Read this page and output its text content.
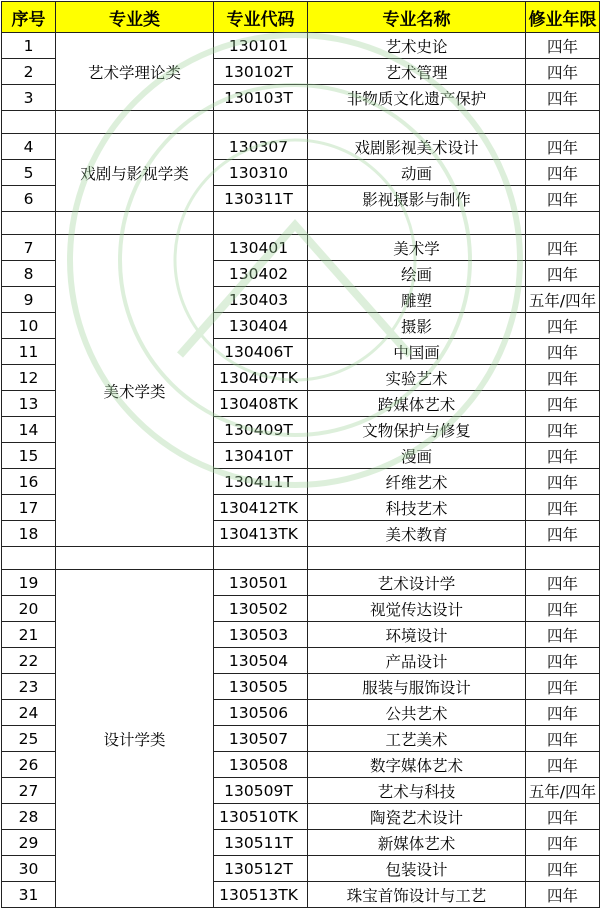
序号	专业类	专业代码	专业名称	修业年限
1	艺术学理论类	130101	艺术史论	四年
2		130102T	艺术管理	四年
3		130103T	非物质文化遗产保护	四年

4	戏剧与影视学类	130307	戏剧影视美术设计	四年
5		130310	动画	四年
6		130311T	影视摄影与制作	四年

7	美术学类	130401	美术学	四年
8		130402	绘画	四年
9		130403	雕塑	五年/四年
10		130404	摄影	四年
11		130406T	中国画	四年
12		130407TK	实验艺术	四年
13		130408TK	跨媒体艺术	四年
14		130409T	文物保护与修复	四年
15		130410T	漫画	四年
16		130411T	纤维艺术	四年
17		130412TK	科技艺术	四年
18		130413TK	美术教育	四年

19	设计学类	130501	艺术设计学	四年
20		130502	视觉传达设计	四年
21		130503	环境设计	四年
22		130504	产品设计	四年
23		130505	服装与服饰设计	四年
24		130506	公共艺术	四年
25		130507	工艺美术	四年
26		130508	数字媒体艺术	四年
27		130509T	艺术与科技	五年/四年
28		130510TK	陶瓷艺术设计	四年
29		130511T	新媒体艺术	四年
30		130512T	包装设计	四年
31		130513TK	珠宝首饰设计与工艺	四年
